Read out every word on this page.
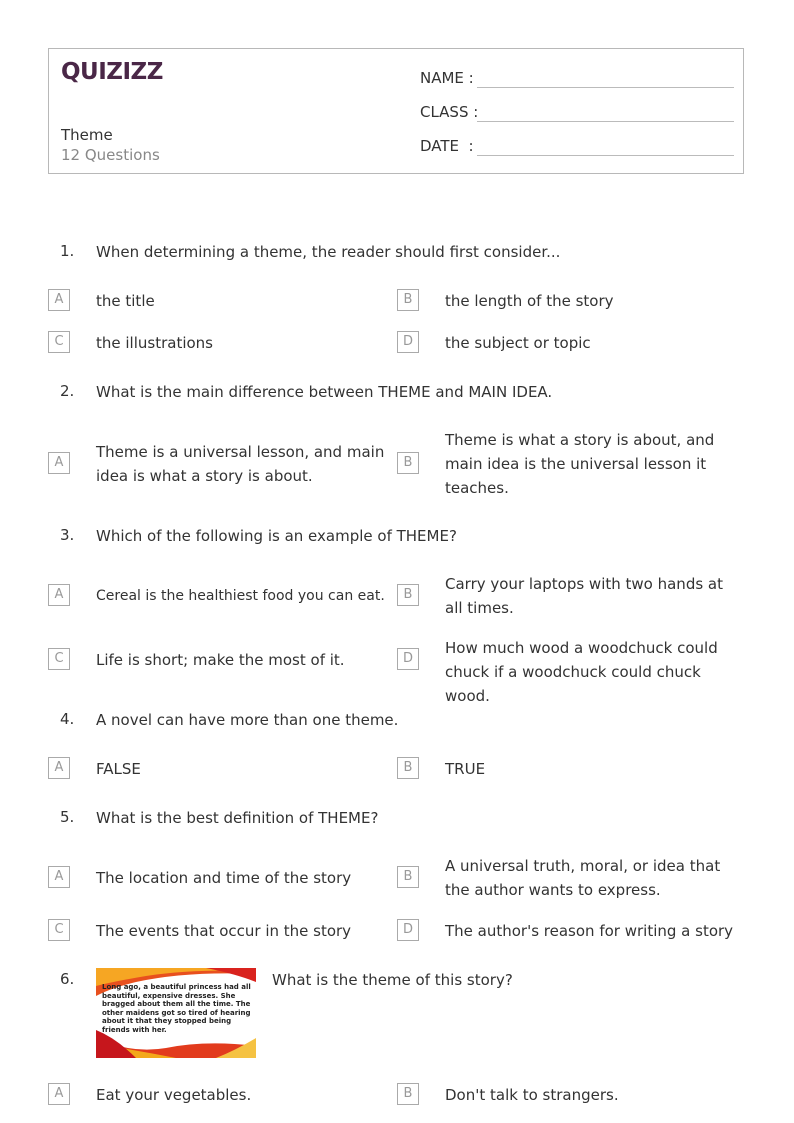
QUIZIZZ
Theme
12 Questions
NAME :
CLASS :
DATE  :
1. When determining a theme, the reader should first consider...
A	the title	B	the length of the story
C	the illustrations	D	the subject or topic
2. What is the main difference between THEME and MAIN IDEA.
A
Theme is a universal lesson, and main idea is what a story is about.
B
Theme is what a story is about, and main idea is the universal lesson it teaches.
3. Which of the following is an example of THEME?
A	Cereal is the healthiest food you can eat.	B
Carry your laptops with two hands at all times.
C	Life is short; make the most of it.	D
How much wood a woodchuck could chuck if a woodchuck could chuck wood.
4. A novel can have more than one theme.
A	FALSE	B	TRUE
5. What is the best definition of THEME?
A	The location and time of the story	B
A universal truth, moral, or idea that the author wants to express.
C	The events that occur in the story	D	The author's reason for writing a story
6.	Long ago, a beautiful princess had all beautiful, expensive dresses. She bragged about them all the time. The other maidens got so tired of hearing about it that they stopped being friends with her.
What is the theme of this story?
A	Eat your vegetables.	B	Don't talk to strangers.
